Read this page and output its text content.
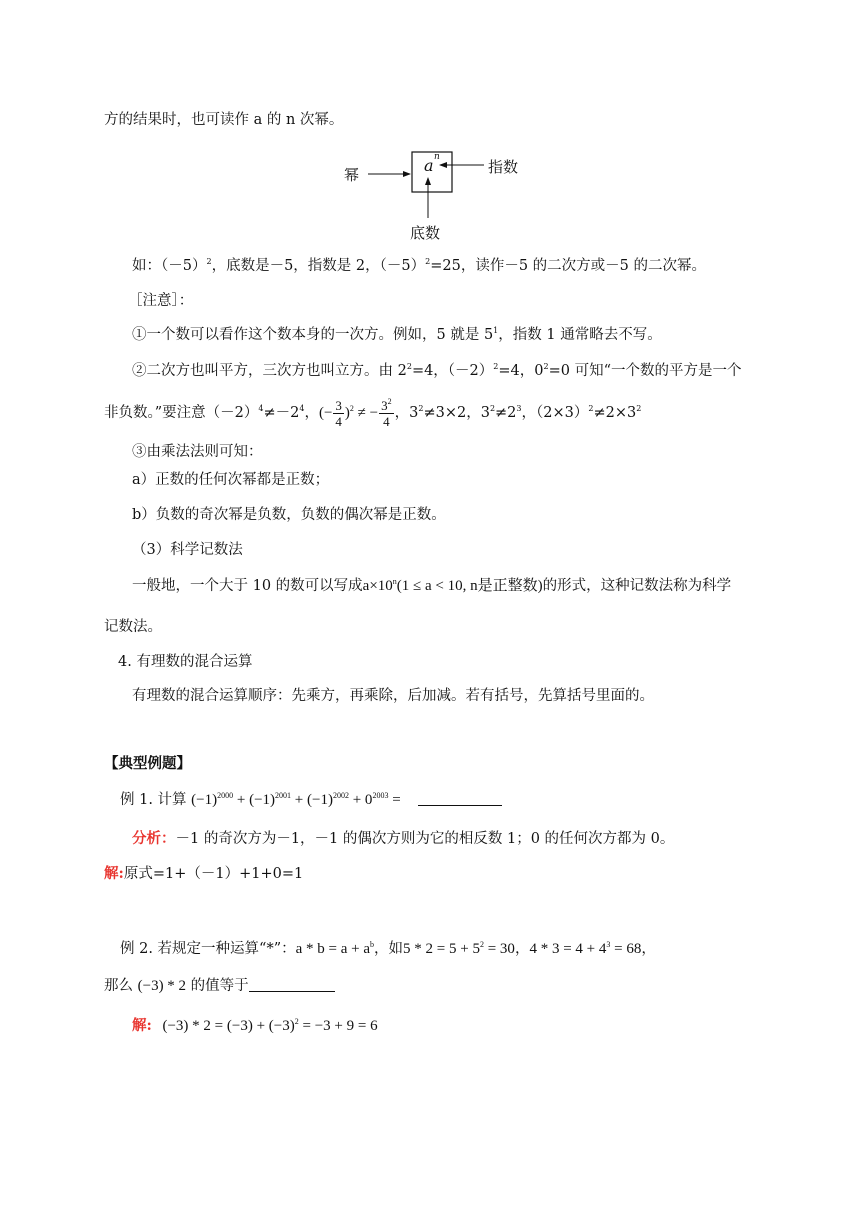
方的结果时，也可读作 a 的 n 次幂。
幂	指数
底数
a n
如：$(-5)^2$，底数是－5，指数是 2，$(-5)^2=25$，读作－5 的二次方或－5 的二次幂。
［注意］：
①一个数可以看作这个数本身的一次方。例如，5 就是 $5^1$，指数 1 通常略去不写。
②二次方也叫平方，三次方也叫立方。由 $2^2=4$，$(-2)^2=4$，$0^2=0$ 可知“一个数的平方是一个
非负数。”要注意$(-2)^4\ne-2^4$，(− $\frac{3}{4} )^2$ ≠ − $\frac{3^2}{4}$ ，$3^2\ne 3\times 2$，$3^2\ne 2^3$，$(2\times 3)^2\ne 2\times 3^2$
③由乘法法则可知：
a）正数的任何次幂都是正数；
b）负数的奇次幂是负数，负数的偶次幂是正数。
（3）科学记数法
一般地，一个大于 10 的数可以写成$a\times 10^n(1 \le a < 10$, n是正整数)的形式，这种记数法称为科学
记数法。
4. 有理数的混合运算
有理数的混合运算顺序：先乘方，再乘除，后加减。若有括号，先算括号里面的。
【典型例题】
例 1. 计算 $(-1)^{2000} + (-1)^{2001} + (-1)^{2002} + 0^{2003}$ =
分析：－1 的奇次方为－1，－1 的偶次方则为它的相反数 1；0 的任何次方都为 0。
解:原式=1+（－1）+1+0=1
例 2. 若规定一种运算“*”：$a * b = a + a^b$，如$5 * 2 = 5 + 5^2 = 30$，$4 * 3 = 4 + 4^3 = 68$，
那么 (−3) * 2 的值等于
解: $(-3) * 2 = (-3) + (-3)^2 = -3 + 9 = 6$
